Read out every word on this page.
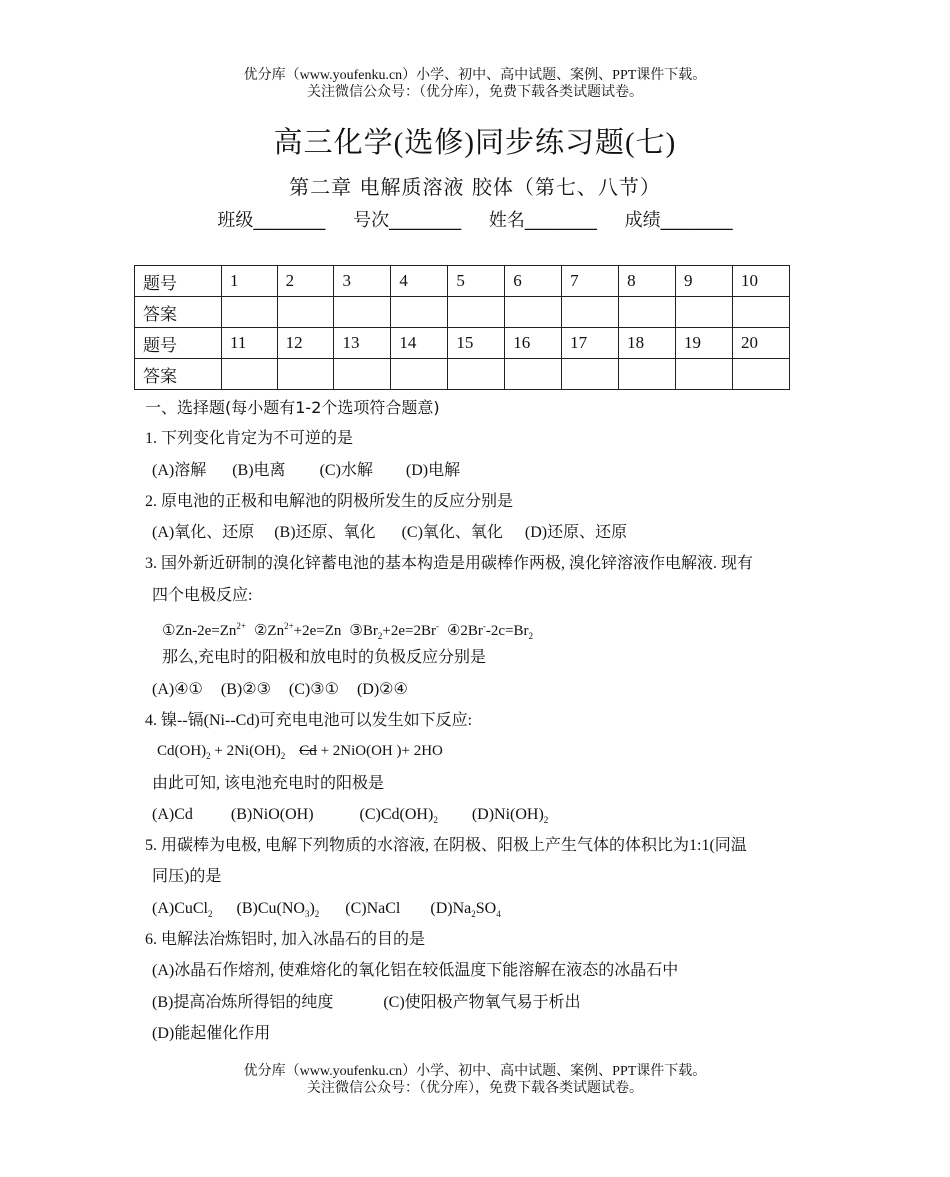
优分库（www.youfenku.cn）小学、初中、高中试题、案例、PPT课件下载。
关注微信公众号：（优分库），免费下载各类试题试卷。
高三化学(选修)同步练习题(七)
第二章 电解质溶液 胶体（第七、八节）
班级________ 号次________ 姓名________ 成绩________
题号	1	2	3	4	5	6	7	8	9	10
答案										
题号	11	12	13	14	15	16	17	18	19	20
答案										
一、选择题(每小题有1-2个选项符合题意)
1. 下列变化肯定为不可逆的是
(A)溶解 (B)电离 (C)水解 (D)电解
2. 原电池的正极和电解池的阴极所发生的反应分别是
(A)氧化、还原 (B)还原、氧化 (C)氧化、氧化 (D)还原、还原
3. 国外新近研制的溴化锌蓄电池的基本构造是用碳棒作两极, 溴化锌溶液作电解液. 现有
四个电极反应:
①Zn-$2e=Zn^{2+}$ $②Zn^{2+}+2e=Zn$ $③Br_2+2e=2Br^-$ $④2Br^--2c=Br_2$
那么,充电时的阳极和放电时的负极反应分别是
(A)④① (B)②③ (C)③① (D)②④
4. 镍--镉(Ni--Cd)可充电电池可以发生如下反应:
$Cd(OH)_2 + 2Ni(OH)_2$ Cd + 2NiO(OH )+ 2HO
由此可知, 该电池充电时的阳极是
(A)Cd (B)NiO(OH)	$(C)Cd(OH)_2$ $(D)Ni(OH)_2$
5. 用碳棒为电极, 电解下列物质的水溶液, 在阴极、阳极上产生气体的体积比为1:1(同温
同压)的是
(A)CuCl$_2$ $(B)Cu(NO_3)_2$ (C)NaCl $(D)Na_2SO_4$
6. 电解法冶炼铝时, 加入冰晶石的目的是
(A)冰晶石作熔剂, 使难熔化的氧化铝在较低温度下能溶解在液态的冰晶石中
(B)提高冶炼所得铝的纯度	(C)使阳极产物氧气易于析出
(D)能起催化作用
优分库（www.youfenku.cn）小学、初中、高中试题、案例、PPT课件下载。
关注微信公众号：（优分库），免费下载各类试题试卷。
